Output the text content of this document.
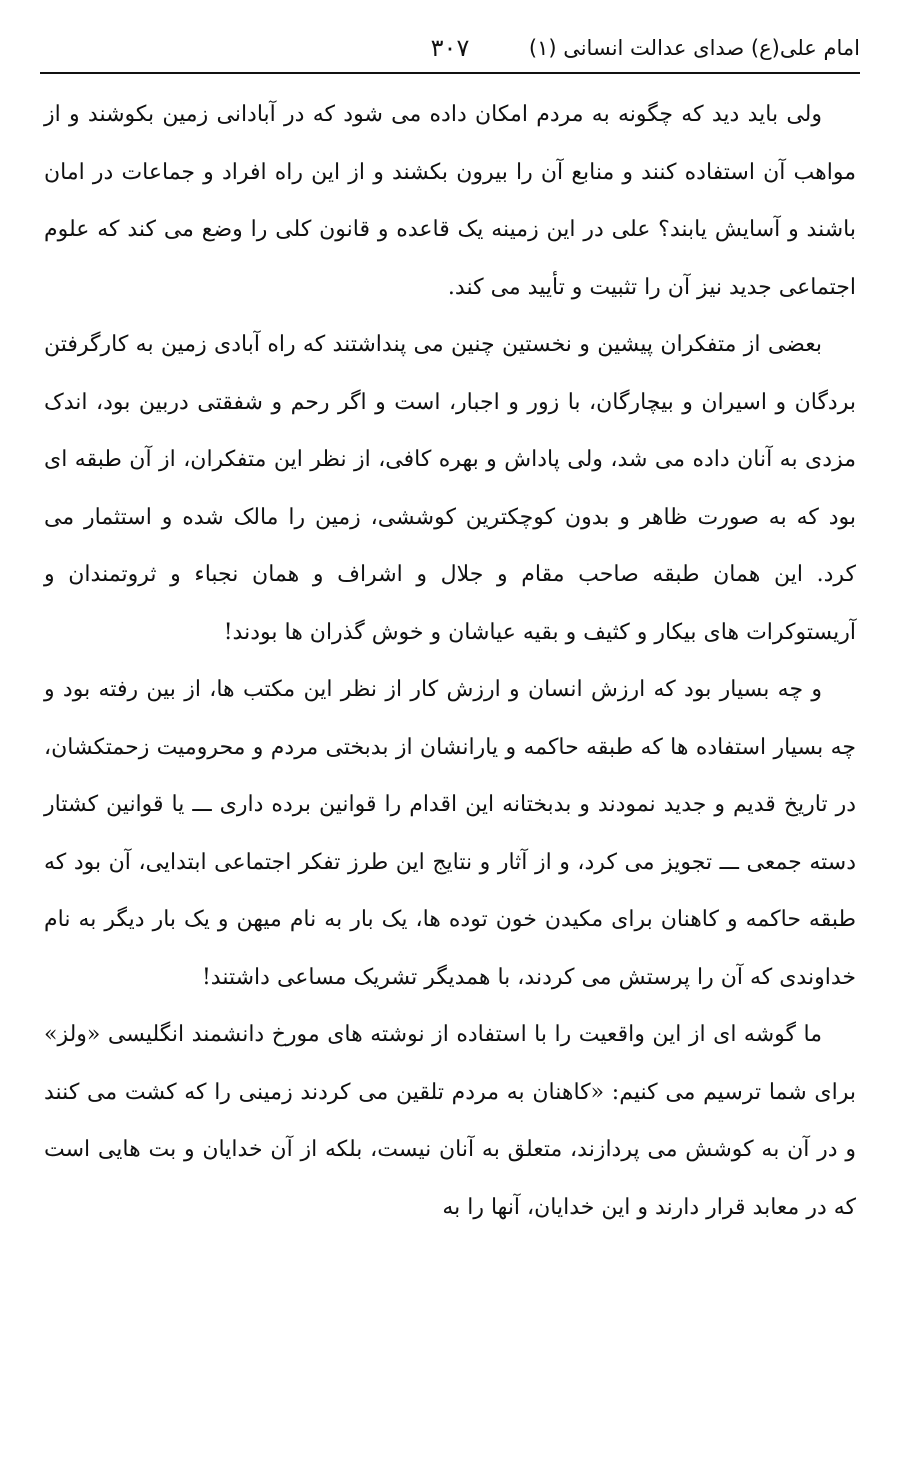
امام علی(ع) صدای عدالت انسانی (۱)
۳۰۷

ولی باید دید که چگونه به مردم امکان داده می شود که در آبادانی زمین بکوشند و از مواهب آن استفاده کنند و منابع آن را بیرون بکشند و از این راه افراد و جماعات در امان باشند و آسایش یابند؟ علی در این زمینه یک قاعده و قانون کلی را وضع می کند که علوم اجتماعی جدید نیز آن را تثبیت و تأیید می کند.

بعضی از متفکران پیشین و نخستین چنین می پنداشتند که راه آبادی زمین به کارگرفتن بردگان و اسیران و بیچارگان، با زور و اجبار، است و اگر رحم و شفقتی دربین بود، اندک مزدی به آنان داده می شد، ولی پاداش و بهره کافی، از نظر این متفکران، از آن طبقه ای بود که به صورت ظاهر و بدون کوچکترین کوششی، زمین را مالک شده و استثمار می کرد. این همان طبقه صاحب مقام و جلال و اشراف و همان نجباء و ثروتمندان و آریستوکرات های بیکار و کثیف و بقیه عیاشان و خوش گذران ها بودند!

و چه بسیار بود که ارزش انسان و ارزش کار از نظر این مکتب ها، از بین رفته بود و چه بسیار استفاده ها که طبقه حاکمه و یارانشان از بدبختی مردم و محرومیت زحمتکشان، در تاریخ قدیم و جدید نمودند و بدبختانه این اقدام را قوانین برده داری ـــ یا قوانین کشتار دسته جمعی ـــ تجویز می کرد، و از آثار و نتایج این طرز تفکر اجتماعی ابتدایی، آن بود که طبقه حاکمه و کاهنان برای مکیدن خون توده ها، یک بار به نام میهن و یک بار دیگر به نام خداوندی که آن را پرستش می کردند، با همدیگر تشریک مساعی داشتند!

ما گوشه ای از این واقعیت را با استفاده از نوشته های مورخ دانشمند انگلیسی «ولز» برای شما ترسیم می کنیم: «کاهنان به مردم تلقین می کردند زمینی را که کشت می کنند و در آن به کوشش می پردازند، متعلق به آنان نیست، بلکه از آن خدایان و بت هایی است که در معابد قرار دارند و این خدایان، آنها را به
